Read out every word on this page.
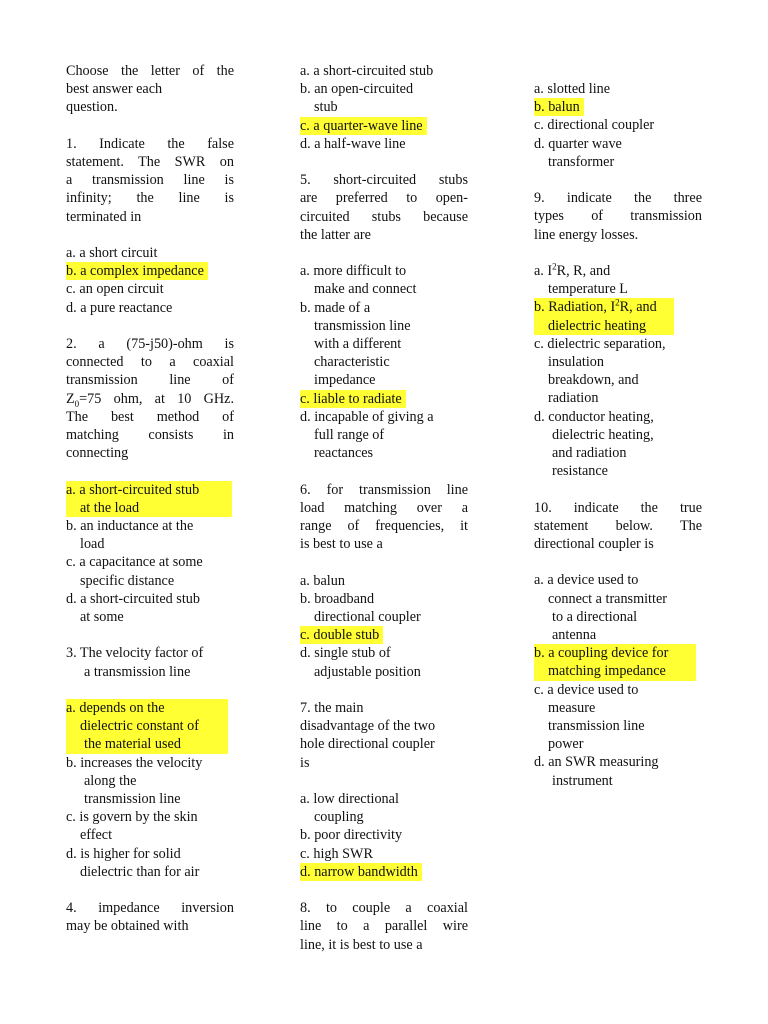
Choose the letter of the
best answer each
question.
1. Indicate the false
statement. The SWR on
a transmission line is
infinity; the line is
terminated in
a. a short circuit
b. a complex impedance
c. an open circuit
d. a pure reactance
2. a (75-j50)-ohm is
connected to a coaxial
transmission line of
$Z_0=75$ ohm, at 10 GHz.
The best method of
matching consists in
connecting
a. a short-circuited stub
at the load
b. an inductance at the
load
c. a capacitance at some
specific distance
d. a short-circuited stub
at some
3. The velocity factor of
a transmission line
a. depends on the
dielectric constant of
the material used
b. increases the velocity
along the
transmission line
c. is govern by the skin
effect
d. is higher for solid
dielectric than for air
4. impedance inversion
may be obtained with
a. a short-circuited stub
b. an open-circuited
stub
c. a quarter-wave line
d. a half-wave line
5. short-circuited stubs
are preferred to open-
circuited stubs because
the latter are
a. more difficult to
make and connect
b. made of a
transmission line
with a different
characteristic
impedance
c. liable to radiate
d. incapable of giving a
full range of
reactances
6. for transmission line
load matching over a
range of frequencies, it
is best to use a
a. balun
b. broadband
directional coupler
c. double stub
d. single stub of
adjustable position
7. the main
disadvantage of the two
hole directional coupler
is
a. low directional
coupling
b. poor directivity
c. high SWR
d. narrow bandwidth
8. to couple a coaxial
line to a parallel wire
line, it is best to use a
a. slotted line
b. balun
c. directional coupler
d. quarter wave
transformer
9. indicate the three
types of transmission
line energy losses.
a. $I^2R$, R, and
temperature L
b. Radiation, $I^2R$, and
dielectric heating
c. dielectric separation,
insulation
breakdown, and
radiation
d. conductor heating,
dielectric heating,
and radiation
resistance
10. indicate the true
statement below. The
directional coupler is
a. a device used to
connect a transmitter
to a directional
antenna
b. a coupling device for
matching impedance
c. a device used to
measure
transmission line
power
d. an SWR measuring
instrument
